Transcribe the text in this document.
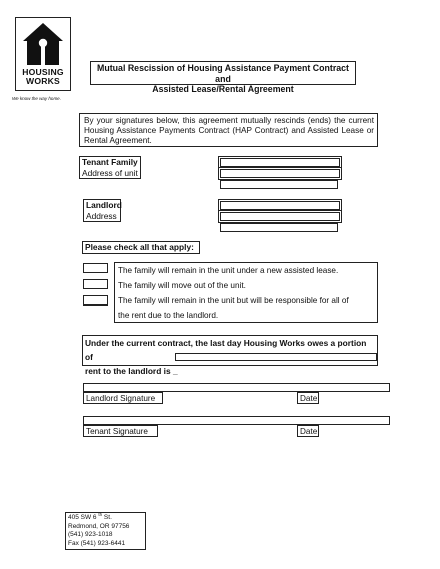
HOUSING
WORKS
We know the way home.
Mutual Rescission of Housing Assistance Payment Contract and
Assisted Lease/Rental Agreement
By your signatures below, this agreement mutually rescinds (ends) the current Housing Assistance Payments Contract (HAP Contract) and Assisted Lease or Rental Agreement.
Tenant Family
Address of unit
Landlord
Address
Please check all that apply:
The family will remain in the unit under a new assisted lease.
The family will move out of the unit.
The family will remain in the unit but will be responsible for all of
the rent due to the landlord.
Under the current contract, the last day Housing Works owes a portion of
rent to the landlord is _
Landlord Signature	Date
Tenant Signature	Date
405 SW 6 $^{th}$ St.
Redmond, OR 97756
(541) 923-1018
Fax (541) 923-6441
